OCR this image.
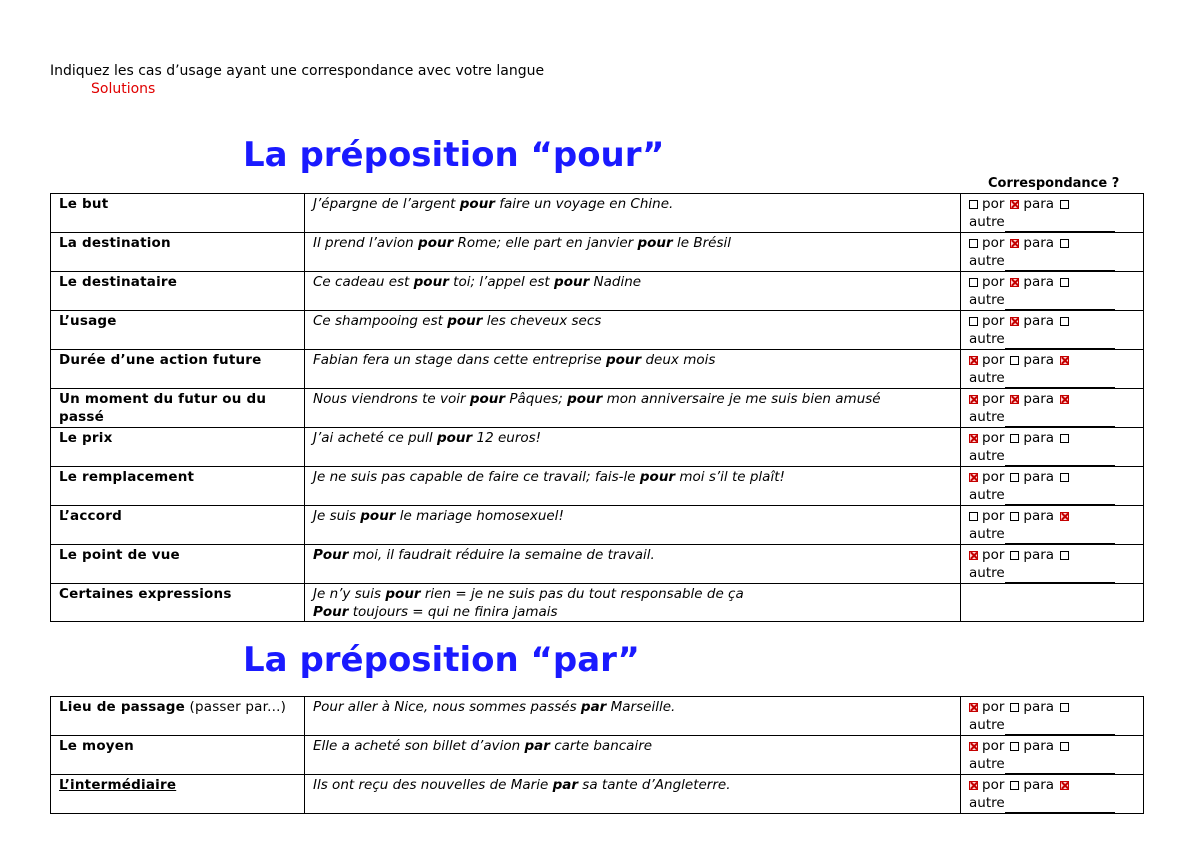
Indiquez les cas d’usage ayant une correspondance avec votre langue
Solutions
La préposition “pour”
Correspondance ?
Le but	J’épargne de l’argent pour faire un voyage en Chine.	por para
autre
La destination	Il prend l’avion pour Rome; elle part en janvier pour le Brésil	por para
autre
Le destinataire	Ce cadeau est pour toi; l’appel est pour Nadine	por para
autre
L’usage	Ce shampooing est pour les cheveux secs	por para
autre
Durée d’une action future	Fabian fera un stage dans cette entreprise pour deux mois	por para
autre
Un moment du futur ou du passé	Nous viendrons te voir pour Pâques; pour mon anniversaire je me suis bien amusé	por para
autre
Le prix	J’ai acheté ce pull pour 12 euros!	por para
autre
Le remplacement	Je ne suis pas capable de faire ce travail; fais-le pour moi s’il te plaît!	por para
autre
L’accord	Je suis pour le mariage homosexuel!	por para
autre
Le point de vue	Pour moi, il faudrait réduire la semaine de travail.	por para
autre
Certaines expressions	Je n’y suis pour rien = je ne suis pas du tout responsable de ça
Pour toujours = qui ne finira jamais	
La préposition “par”
Lieu de passage (passer par...)	Pour aller à Nice, nous sommes passés par Marseille.	por para
autre
Le moyen	Elle a acheté son billet d’avion par carte bancaire	por para
autre
L’intermédiaire	Ils ont reçu des nouvelles de Marie par sa tante d’Angleterre.	por para
autre
